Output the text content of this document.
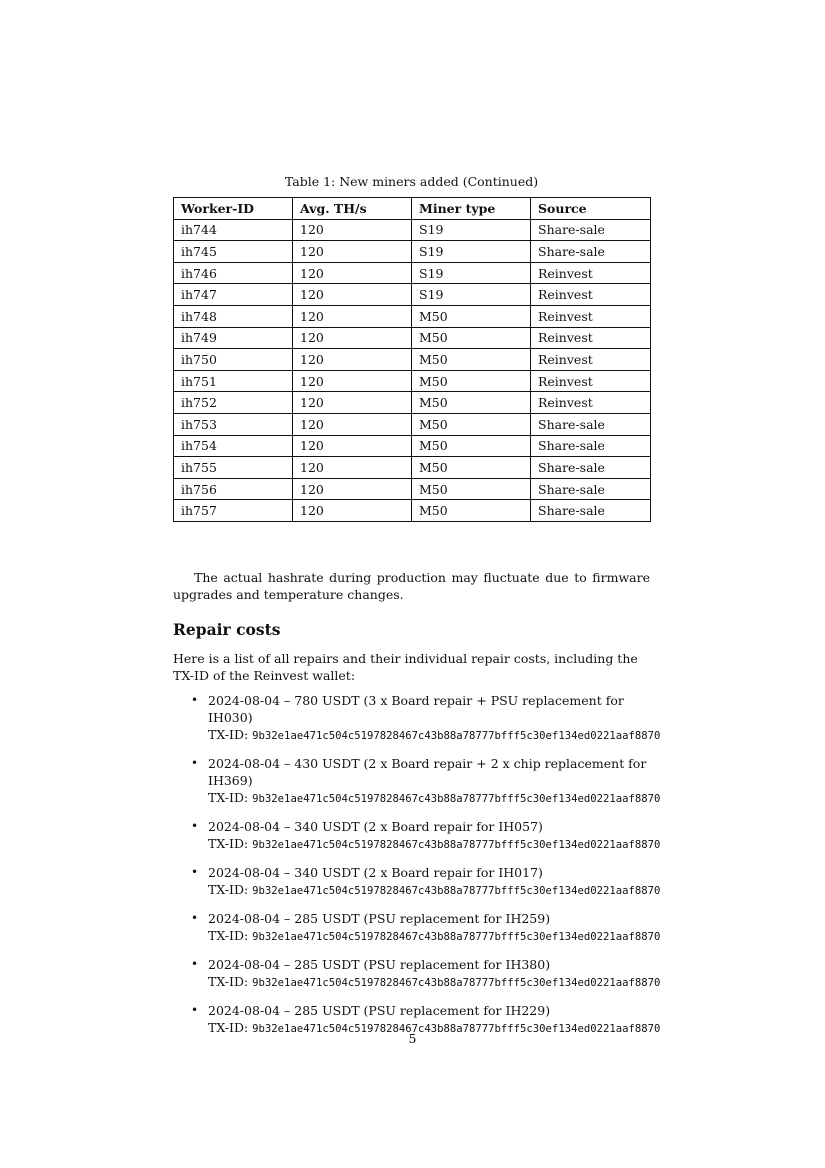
Table 1: New miners added (Continued)
Worker-ID	Avg. TH/s	Miner type	Source
ih744	120	S19	Share-sale
ih745	120	S19	Share-sale
ih746	120	S19	Reinvest
ih747	120	S19	Reinvest
ih748	120	M50	Reinvest
ih749	120	M50	Reinvest
ih750	120	M50	Reinvest
ih751	120	M50	Reinvest
ih752	120	M50	Reinvest
ih753	120	M50	Share-sale
ih754	120	M50	Share-sale
ih755	120	M50	Share-sale
ih756	120	M50	Share-sale
ih757	120	M50	Share-sale

The actual hashrate during production may fluctuate due to firmware upgrades and temperature changes.

Repair costs

Here is a list of all repairs and their individual repair costs, including the TX-ID of the Reinvest wallet:

• 2024-08-04 – 780 USDT (3 x Board repair + PSU replacement for IH030)
TX-ID: 9b32e1ae471c504c5197828467c43b88a78777bfff5c30ef134ed0221aaf8870
• 2024-08-04 – 430 USDT (2 x Board repair + 2 x chip replacement for IH369)
TX-ID: 9b32e1ae471c504c5197828467c43b88a78777bfff5c30ef134ed0221aaf8870
• 2024-08-04 – 340 USDT (2 x Board repair for IH057)
TX-ID: 9b32e1ae471c504c5197828467c43b88a78777bfff5c30ef134ed0221aaf8870
• 2024-08-04 – 340 USDT (2 x Board repair for IH017)
TX-ID: 9b32e1ae471c504c5197828467c43b88a78777bfff5c30ef134ed0221aaf8870
• 2024-08-04 – 285 USDT (PSU replacement for IH259)
TX-ID: 9b32e1ae471c504c5197828467c43b88a78777bfff5c30ef134ed0221aaf8870
• 2024-08-04 – 285 USDT (PSU replacement for IH380)
TX-ID: 9b32e1ae471c504c5197828467c43b88a78777bfff5c30ef134ed0221aaf8870
• 2024-08-04 – 285 USDT (PSU replacement for IH229)
TX-ID: 9b32e1ae471c504c5197828467c43b88a78777bfff5c30ef134ed0221aaf8870
5
